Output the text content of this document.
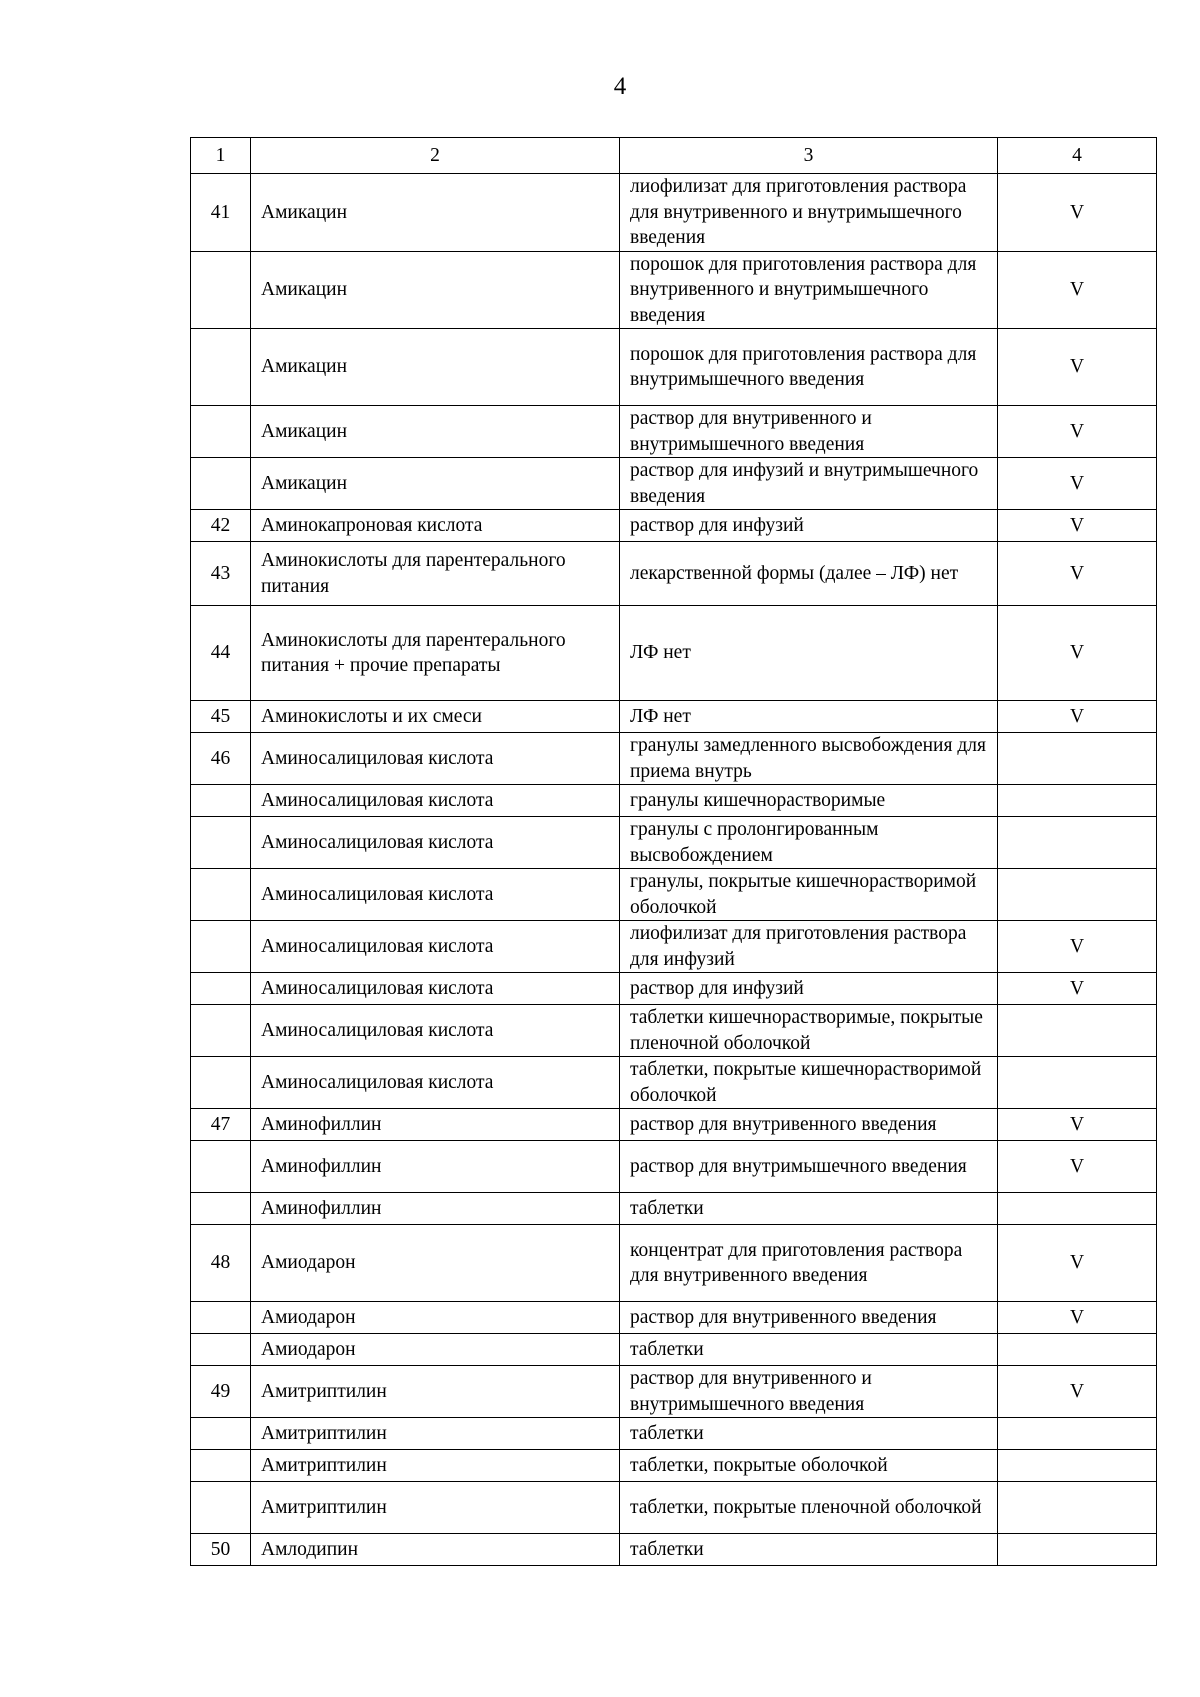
4
1	2	3	4
41	Амикацин	лиофилизат для приготовления раствора для внутривенного и внутримышечного введения	V
	Амикацин	порошок для приготовления раствора для внутривенного и внутримышечного введения	V
	Амикацин	порошок для приготовления раствора для внутримышечного введения	V
	Амикацин	раствор для внутривенного и внутримышечного введения	V
	Амикацин	раствор для инфузий и внутримышечного введения	V
42	Аминокапроновая кислота	раствор для инфузий	V
43	Аминокислоты для парентерального питания	лекарственной формы (далее – ЛФ) нет	V
44	Аминокислоты для парентерального питания + прочие препараты	ЛФ нет	V
45	Аминокислоты и их смеси	ЛФ нет	V
46	Аминосалициловая кислота	гранулы замедленного высвобождения для приема внутрь	
	Аминосалициловая кислота	гранулы кишечнорастворимые	
	Аминосалициловая кислота	гранулы с пролонгированным высвобождением	
	Аминосалициловая кислота	гранулы, покрытые кишечнорастворимой оболочкой	
	Аминосалициловая кислота	лиофилизат для приготовления раствора для инфузий	V
	Аминосалициловая кислота	раствор для инфузий	V
	Аминосалициловая кислота	таблетки кишечнорастворимые, покрытые пленочной оболочкой	
	Аминосалициловая кислота	таблетки, покрытые кишечнорастворимой оболочкой	
47	Аминофиллин	раствор для внутривенного введения	V
	Аминофиллин	раствор для внутримышечного введения	V
	Аминофиллин	таблетки	
48	Амиодарон	концентрат для приготовления раствора для внутривенного введения	V
	Амиодарон	раствор для внутривенного введения	V
	Амиодарон	таблетки	
49	Амитриптилин	раствор для внутривенного и внутримышечного введения	V
	Амитриптилин	таблетки	
	Амитриптилин	таблетки, покрытые оболочкой	
	Амитриптилин	таблетки, покрытые пленочной оболочкой	
50	Амлодипин	таблетки	
